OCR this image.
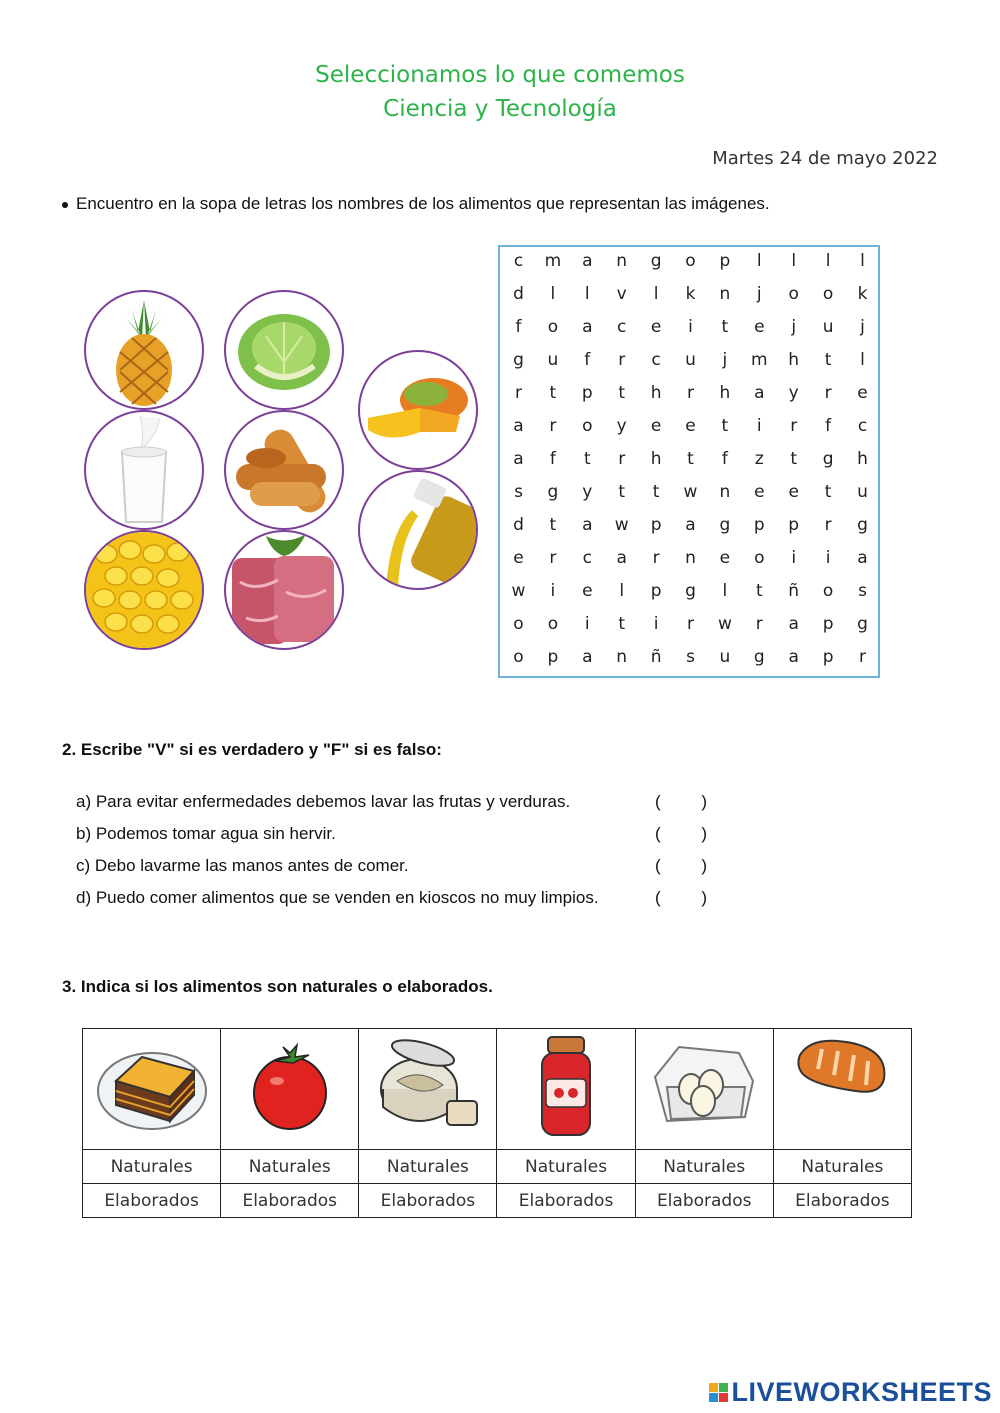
Seleccionamos lo que comemos
Ciencia y Tecnología
Martes 24 de mayo 2022
Encuentro en la sopa de letras los nombres de los alimentos que representan las imágenes.
c	m	a	n	g	o	p	l	l	l	l
d	l	l	v	l	k	n	j	o	o	k
f	o	a	c	e	i	t	e	j	u	j
g	u	f	r	c	u	j	m	h	t	l
r	t	p	t	h	r	h	a	y	r	e
a	r	o	y	e	e	t	i	r	f	c
a	f	t	r	h	t	f	z	t	g	h
s	g	y	t	t	w	n	e	e	t	u
d	t	a	w	p	a	g	p	p	r	g
e	r	c	a	r	n	e	o	i	i	a
w	i	e	l	p	g	l	t	ñ	o	s
o	o	i	t	i	r	w	r	a	p	g
o	p	a	n	ñ	s	u	g	a	p	r
2. Escribe "V" si es verdadero y "F" si es falso:
a) Para evitar enfermedades debemos lavar las frutas y verduras.	( )
b) Podemos tomar agua sin hervir.	( )
c) Debo lavarme las manos antes de comer.	( )
d) Puedo comer alimentos que se venden en kioscos no muy limpios.	( )
3. Indica si los alimentos son naturales o elaborados.

Naturales	Naturales	Naturales	Naturales	Naturales	Naturales
Elaborados	Elaborados	Elaborados	Elaborados	Elaborados	Elaborados
LIVEWORKSHEETS
